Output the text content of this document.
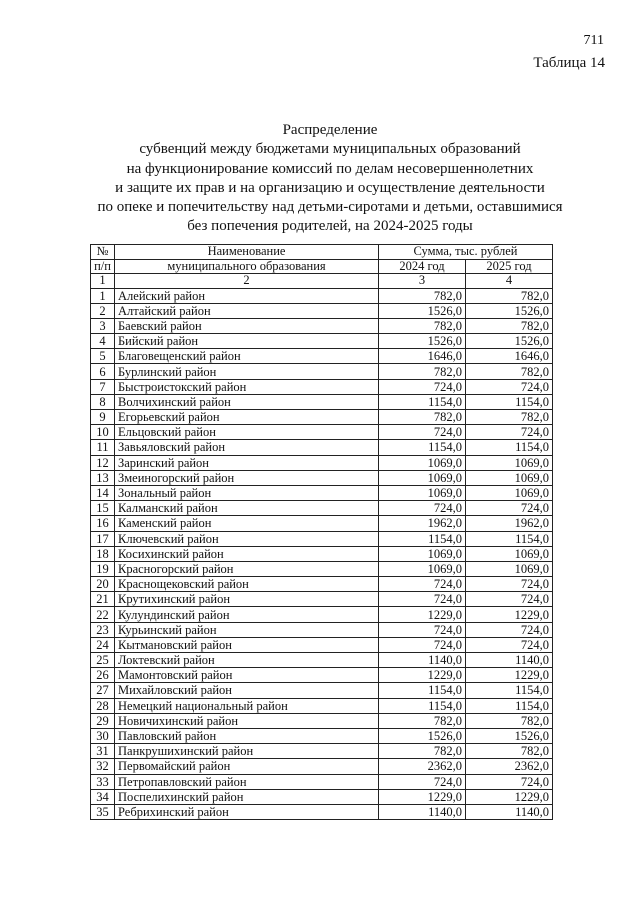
711
Таблица 14
Распределение
субвенций между бюджетами муниципальных образований
на функционирование комиссий по делам несовершеннолетних
и защите их прав и на организацию и осуществление деятельности
по опеке и попечительству над детьми-сиротами и детьми, оставшимися
без попечения родителей, на 2024-2025 годы
№	Наименование	Сумма, тыс. рублей	
п/п	муниципального образования	2024 год	2025 год
1	2	3	4
1	Алейский район	782,0	782,0
2	Алтайский район	1526,0	1526,0
3	Баевский район	782,0	782,0
4	Бийский район	1526,0	1526,0
5	Благовещенский район	1646,0	1646,0
6	Бурлинский район	782,0	782,0
7	Быстроистокский район	724,0	724,0
8	Волчихинский район	1154,0	1154,0
9	Егорьевский район	782,0	782,0
10	Ельцовский район	724,0	724,0
11	Завьяловский район	1154,0	1154,0
12	Заринский район	1069,0	1069,0
13	Змеиногорский район	1069,0	1069,0
14	Зональный район	1069,0	1069,0
15	Калманский район	724,0	724,0
16	Каменский район	1962,0	1962,0
17	Ключевский район	1154,0	1154,0
18	Косихинский район	1069,0	1069,0
19	Красногорский район	1069,0	1069,0
20	Краснощековский район	724,0	724,0
21	Крутихинский район	724,0	724,0
22	Кулундинский район	1229,0	1229,0
23	Курьинский район	724,0	724,0
24	Кытмановский район	724,0	724,0
25	Локтевский район	1140,0	1140,0
26	Мамонтовский район	1229,0	1229,0
27	Михайловский район	1154,0	1154,0
28	Немецкий национальный район	1154,0	1154,0
29	Новичихинский район	782,0	782,0
30	Павловский район	1526,0	1526,0
31	Панкрушихинский район	782,0	782,0
32	Первомайский район	2362,0	2362,0
33	Петропавловский район	724,0	724,0
34	Поспелихинский район	1229,0	1229,0
35	Ребрихинский район	1140,0	1140,0
